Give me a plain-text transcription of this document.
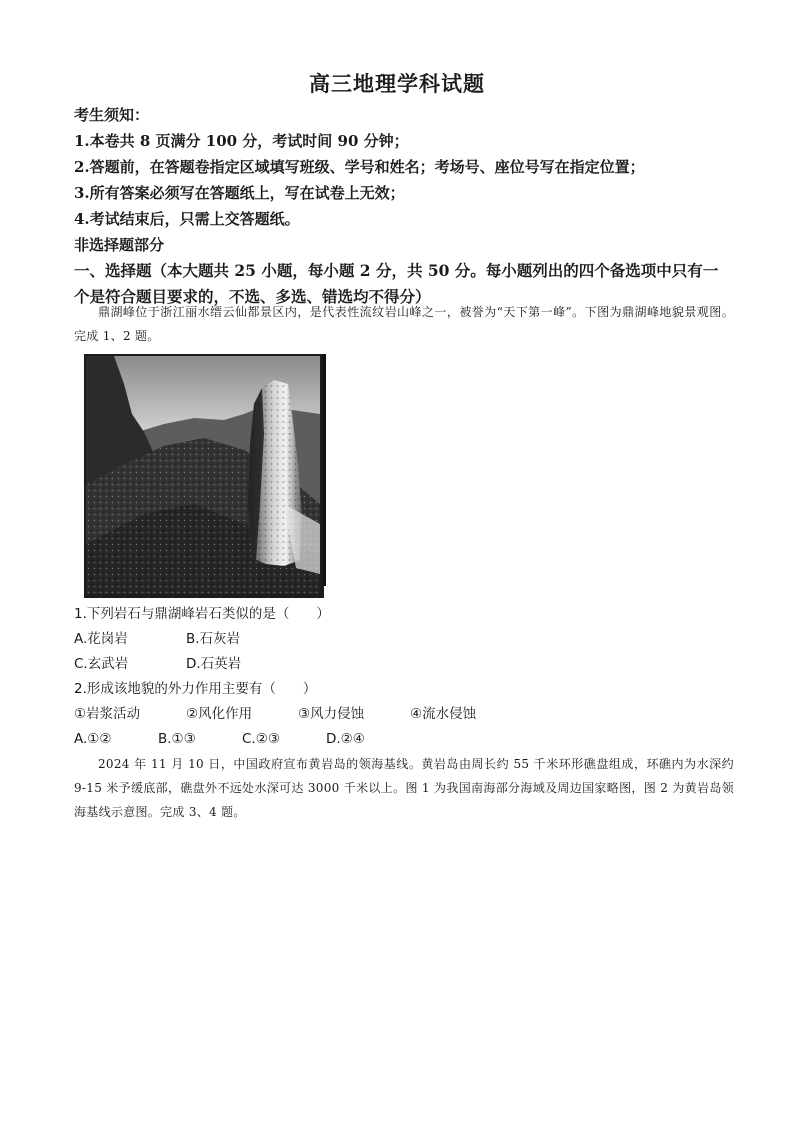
高三地理学科试题
考生须知：
1.本卷共 8 页满分 100 分，考试时间 90 分钟；
2.答题前，在答题卷指定区域填写班级、学号和姓名；考场号、座位号写在指定位置；
3.所有答案必须写在答题纸上，写在试卷上无效；
4.考试结束后，只需上交答题纸。
非选择题部分
一、选择题（本大题共 25 小题，每小题 2 分，共 50 分。每小题列出的四个备选项中只有一
个是符合题目要求的，不选、多选、错选均不得分）
鼎湖峰位于浙江丽水缙云仙都景区内，是代表性流纹岩山峰之一，被誉为“天下第一峰”。下图为鼎湖峰地貌景观图。完成 1、2 题。
1.下列岩石与鼎湖峰岩石类似的是（　　）
A.花岗岩	B.石灰岩
C.玄武岩	D.石英岩
2.形成该地貌的外力作用主要有（　　）
①岩浆活动	②风化作用	③风力侵蚀	④流水侵蚀
A.①②	B.①③	C.②③	D.②④
2024 年 11 月 10 日，中国政府宣布黄岩岛的领海基线。黄岩岛由周长约 55 千米环形礁盘组成，环礁内为水深约 9-15 米予缓底部，礁盘外不远处水深可达 3000 千米以上。图 1 为我国南海部分海域及周边国家略图，图 2 为黄岩岛领海基线示意图。完成 3、4 题。
